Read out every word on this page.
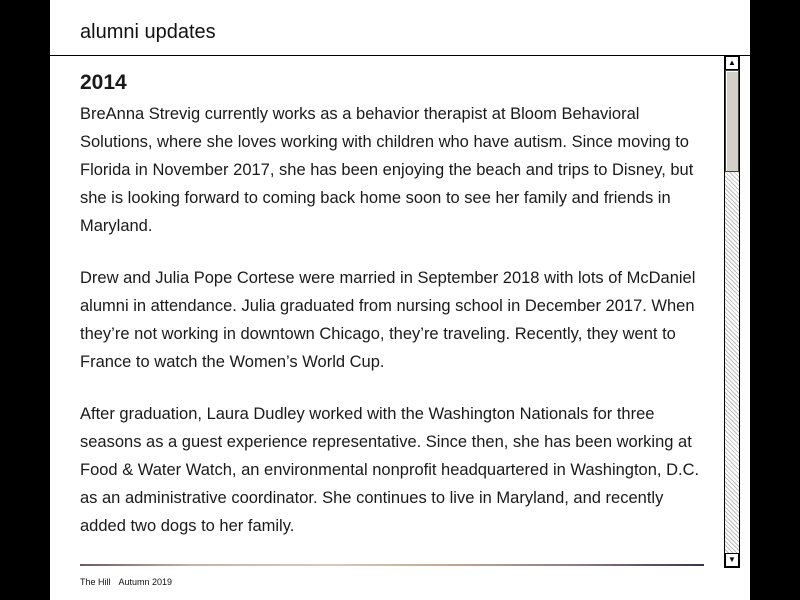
alumni updates
2014

BreAnna Strevig currently works as a behavior therapist at Bloom Behavioral Solutions, where she loves working with children who have autism. Since moving to Florida in November 2017, she has been enjoying the beach and trips to Disney, but she is looking forward to coming back home soon to see her family and friends in Maryland.

Drew and Julia Pope Cortese were married in September 2018 with lots of McDaniel alumni in attendance. Julia graduated from nursing school in December 2017. When they’re not working in downtown Chicago, they’re traveling. Recently, they went to France to watch the Women’s World Cup.

After graduation, Laura Dudley worked with the Washington Nationals for three seasons as a guest experience representative. Since then, she has been working at Food & Water Watch, an environmental nonprofit headquartered in Washington, D.C. as an administrative coordinator. She continues to live in Maryland, and recently added two dogs to her family.

▲
▼
The Hill Autumn 2019
